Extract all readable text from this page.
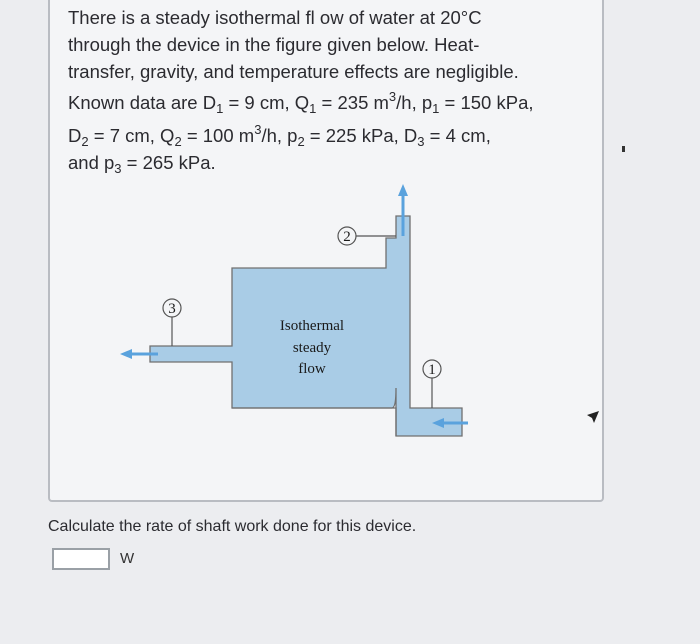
There is a steady isothermal fl ow of water at 20°C

through the device in the figure given below. Heat-

transfer, gravity, and temperature effects are negligible.

Known data are $D_1 = 9$ cm, $Q_1 = 235$ $m^3/h$, $p_1 = 150$ kPa,

$D_2 = 7$ cm, $Q_2 = 100$ $m^3/h$, $p_2 = 225$ kPa, $D_3 = 4$ cm,

and $p_3 = 265$ kPa.

2
3
1
Isothermal
steady
flow
Calculate the rate of shaft work done for this device.
W
